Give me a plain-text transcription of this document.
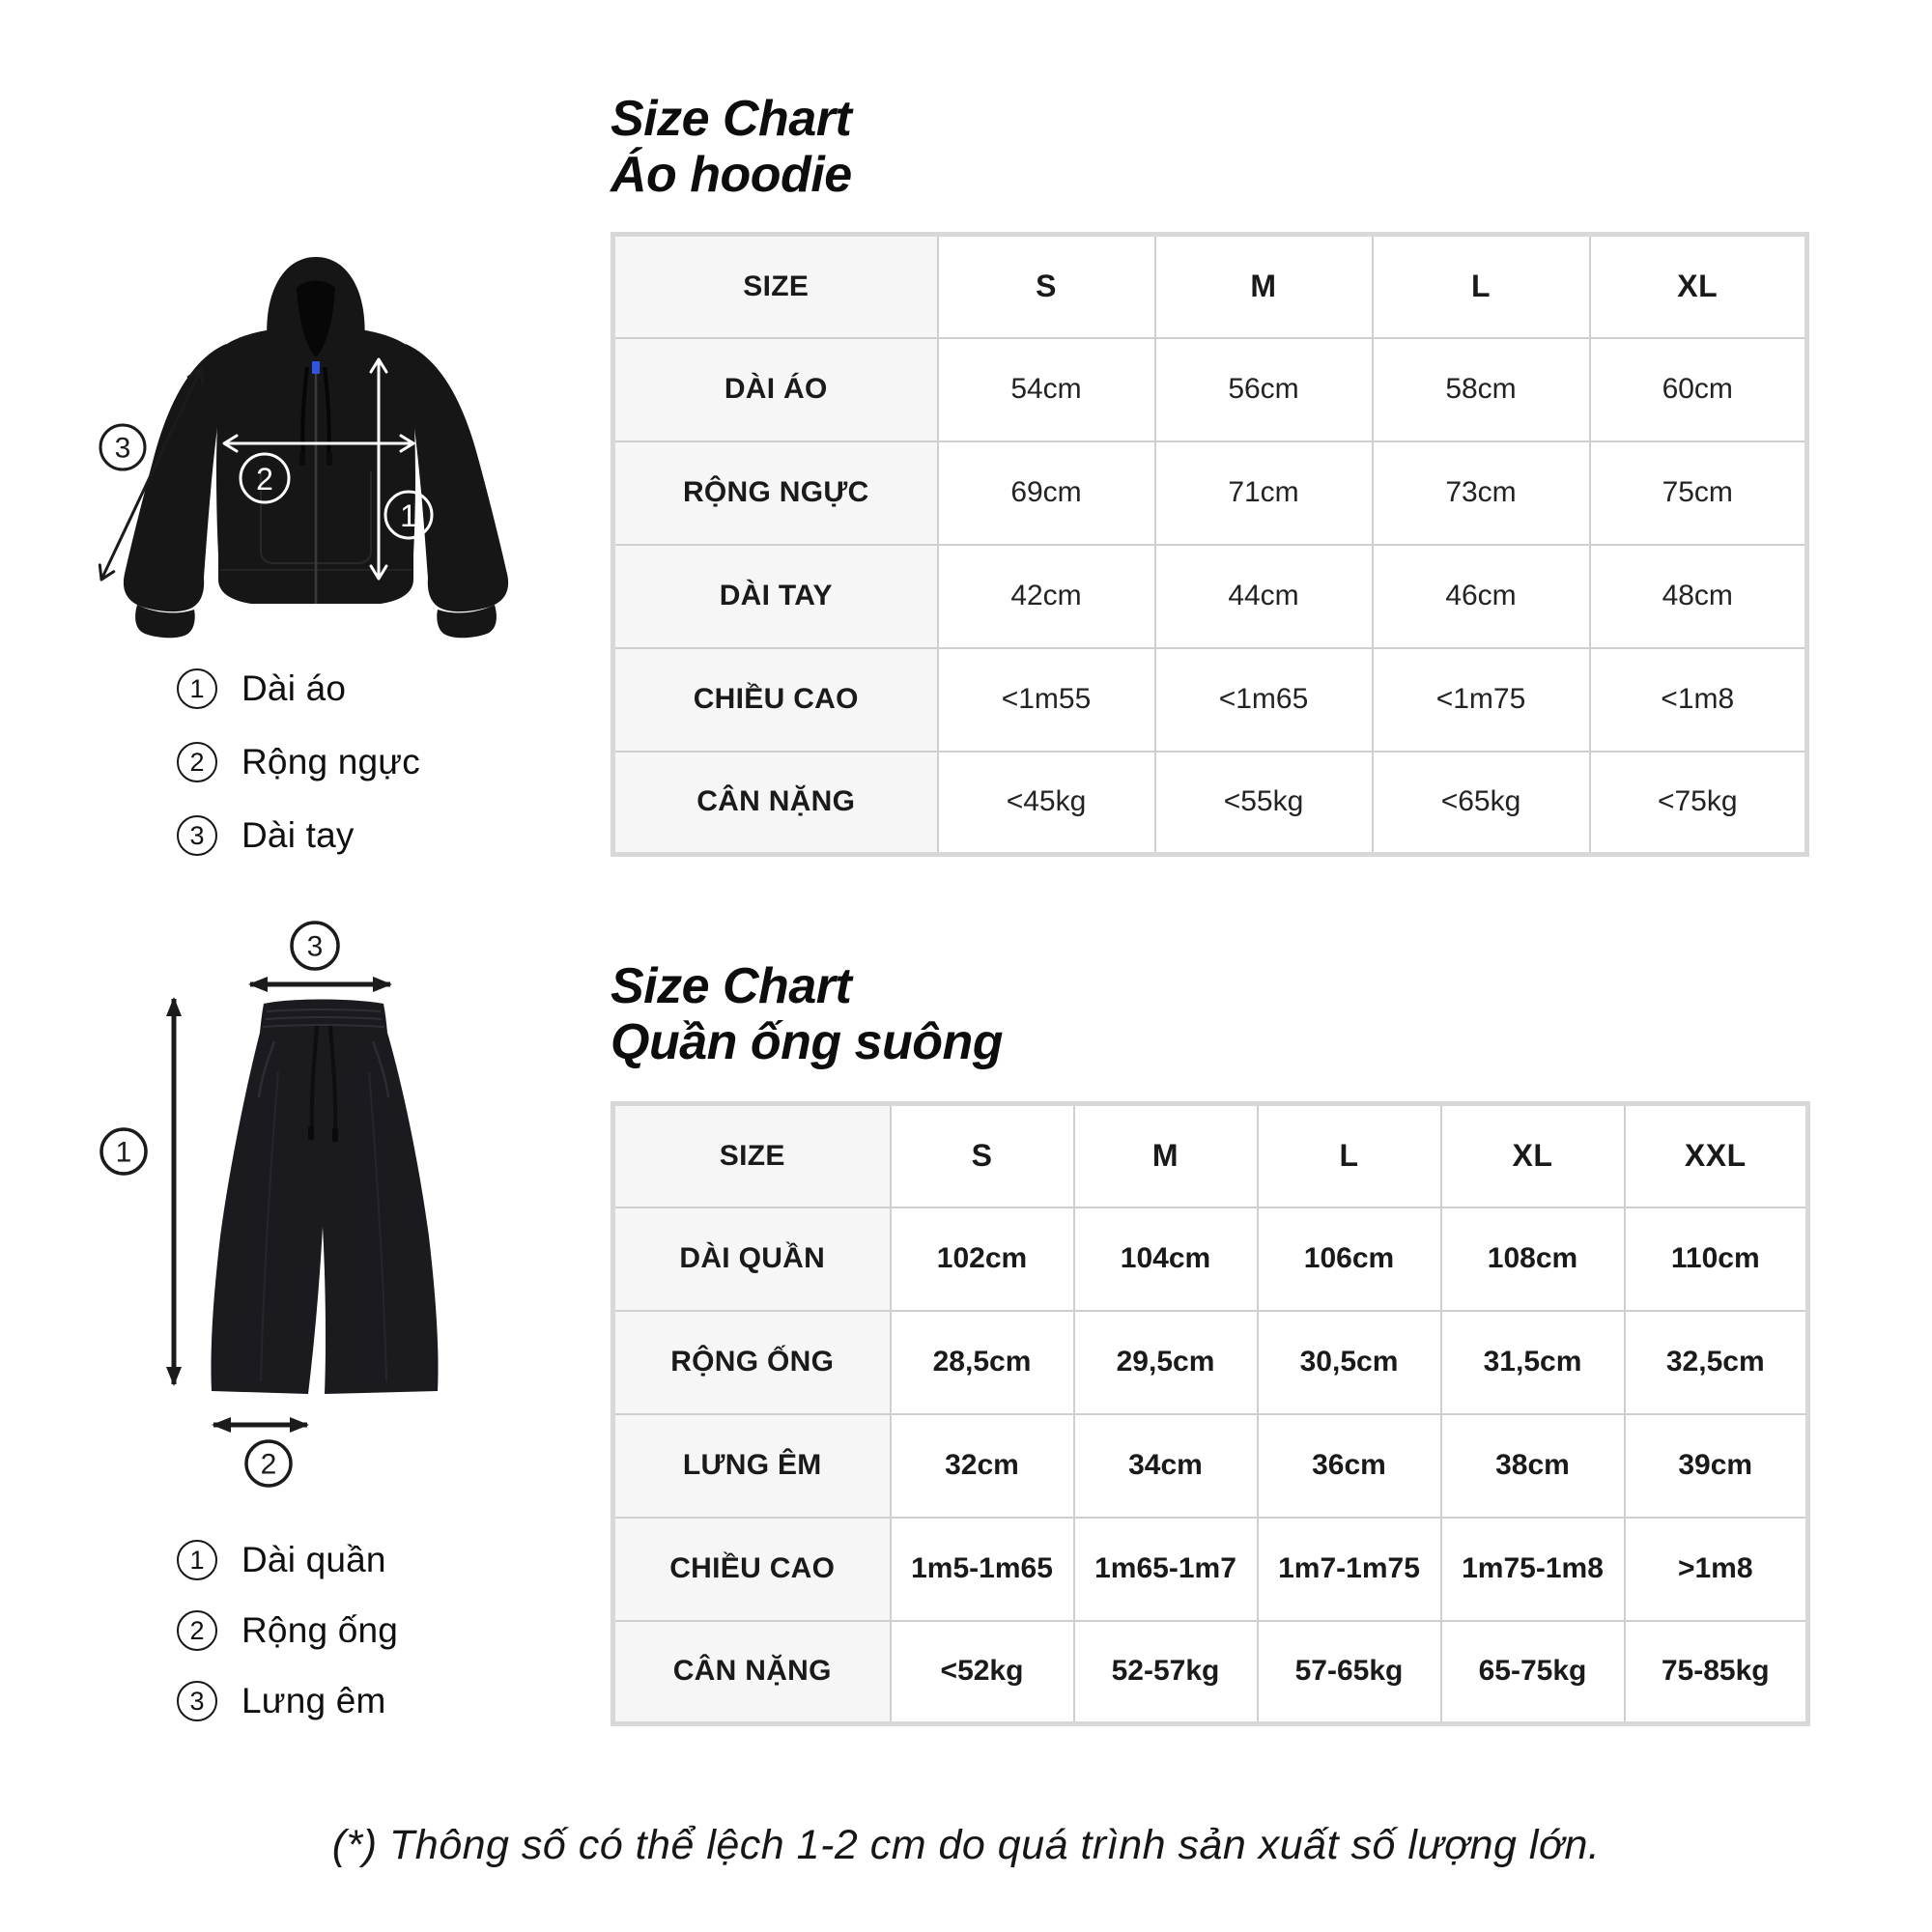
1
2
3
Size Chart
Áo hoodie
SIZE	S	M	L	XL
DÀI ÁO	54cm	56cm	58cm	60cm
RỘNG NGỰC	69cm	71cm	73cm	75cm
DÀI TAY	42cm	44cm	46cm	48cm
CHIỀU CAO	<1m55	<1m65	<1m75	<1m8
CÂN NẶNG	<45kg	<55kg	<65kg	<75kg
1	Dài áo
2	Rộng ngực
3	Dài tay
3
1
2
Size Chart
Quần ống suông
SIZE	S	M	L	XL	XXL
DÀI QUẦN	102cm	104cm	106cm	108cm	110cm
RỘNG ỐNG	28,5cm	29,5cm	30,5cm	31,5cm	32,5cm
LƯNG ÊM	32cm	34cm	36cm	38cm	39cm
CHIỀU CAO	1m5-1m65	1m65-1m7	1m7-1m75	1m75-1m8	>1m8
CÂN NẶNG	<52kg	52-57kg	57-65kg	65-75kg	75-85kg
1	Dài quần
2	Rộng ống
3	Lưng êm
(*) Thông số có thể lệch 1-2 cm do quá trình sản xuất số lượng lớn.
